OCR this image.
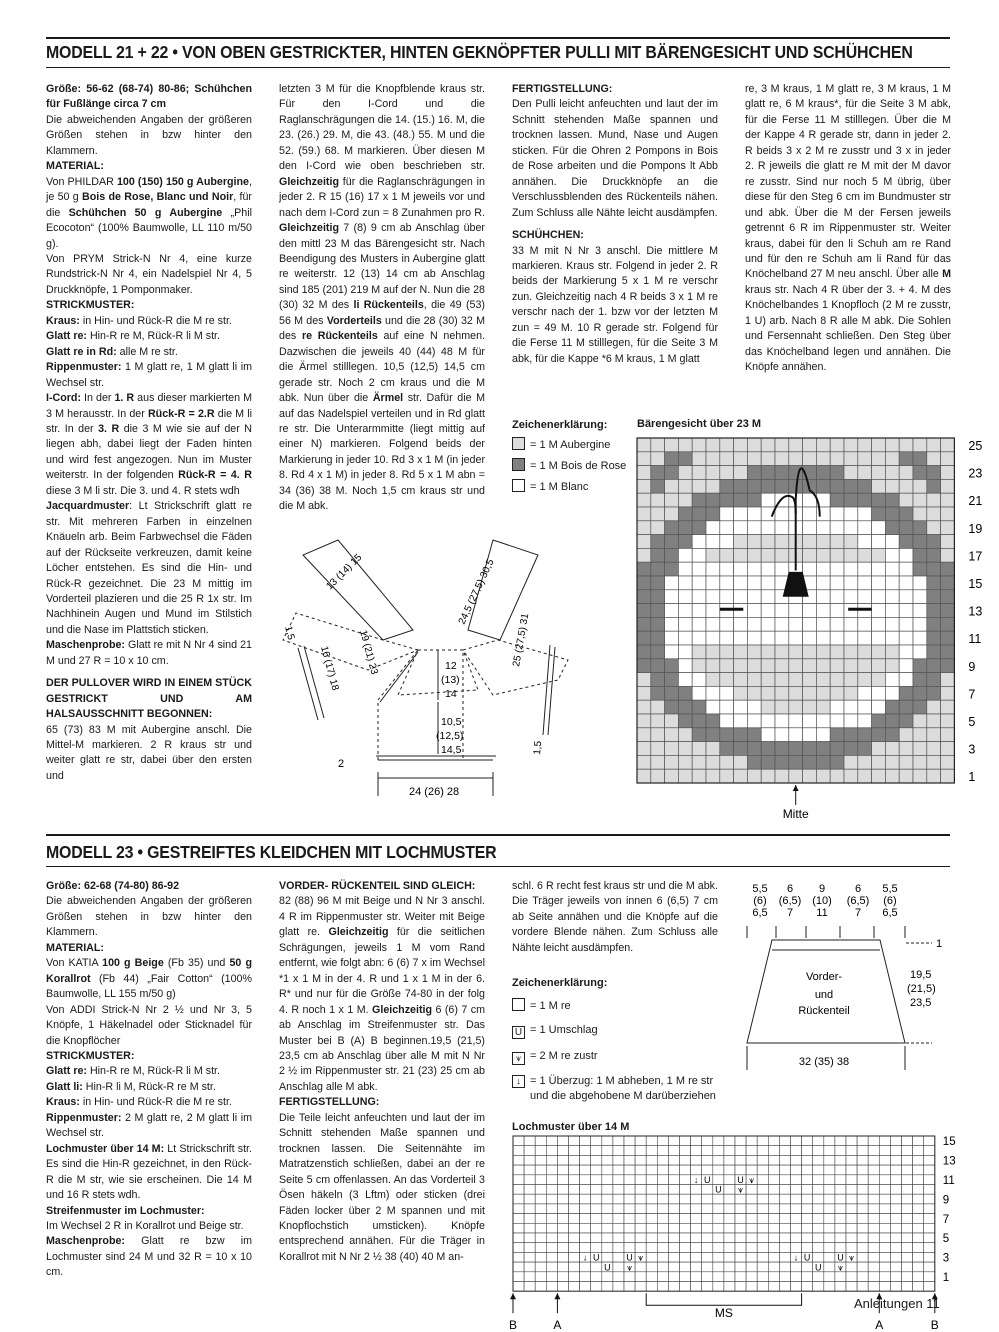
MODELL 21 + 22 • VON OBEN GESTRICKTER, HINTEN GEKNÖPFTER PULLI MIT BÄRENGESICHT UND SCHÜHCHEN

Größe: 56-62 (68-74) 80-86; Schühchen für Fußlänge circa 7 cm

Die abweichenden Angaben der größeren Größen stehen in bzw hinter den Klammern.

MATERIAL:

Von PHILDAR 100 (150) 150 g Aubergine, je 50 g Bois de Rose, Blanc und Noir, für die Schühchen 50 g Aubergine „Phil Ecocoton“ (100% Baumwolle, LL 110 m/50 g).

Von PRYM Strick-N Nr 4, eine kurze Rundstrick-N Nr 4, ein Nadelspiel Nr 4, 5 Druckknöpfe, 1 Pomponmaker.

STRICKMUSTER:

Kraus: in Hin- und Rück-R die M re str.

Glatt re: Hin-R re M, Rück-R li M str.

Glatt re in Rd: alle M re str.

Rippenmuster: 1 M glatt re, 1 M glatt li im Wechsel str.

I-Cord: In der 1. R aus dieser markierten M 3 M herausstr. In der Rück-R = 2.R die M li str. In der 3. R die 3 M wie sie auf der N liegen abh, dabei liegt der Faden hinten und wird fest angezogen. Nun im Muster weiterstr. In der folgenden Rück-R = 4. R diese 3 M li str. Die 3. und 4. R stets wdh

Jacquardmuster: Lt Strickschrift glatt re str. Mit mehreren Farben in einzelnen Knäueln arb. Beim Farbwechsel die Fäden auf der Rückseite verkreuzen, damit keine Löcher entstehen. Es sind die Hin- und Rück-R gezeichnet. Die 23 M mittig im Vorderteil plazieren und die 25 R 1x str. Im Nachhinein Augen und Mund im Stilstich und die Nase im Plattstich sticken.

Maschenprobe: Glatt re mit N Nr 4 sind 21 M und 27 R = 10 x 10 cm.

DER PULLOVER WIRD IN EINEM STÜCK GESTRICKT UND AM HALSAUSSCHNITT BEGONNEN:

65 (73) 83 M mit Aubergine anschl. Die Mittel-M markieren. 2 R kraus str und weiter glatt re str, dabei über den ersten und

letzten 3 M für die Knopfblende kraus str. Für den I-Cord und die Raglanschrägungen die 14. (15.) 16. M, die 23. (26.) 29. M, die 43. (48.) 55. M und die 52. (59.) 68. M markieren. Über diesen M den I-Cord wie oben beschrieben str. Gleichzeitig für die Raglanschrägungen in jeder 2. R 15 (16) 17 x 1 M jeweils vor und nach dem I-Cord zun = 8 Zunahmen pro R. Gleichzeitig 7 (8) 9 cm ab Anschlag über den mittl 23 M das Bärengesicht str. Nach Beendigung des Musters in Aubergine glatt re weiterstr. 12 (13) 14 cm ab Anschlag sind 185 (201) 219 M auf der N. Nun die 28 (30) 32 M des li Rückenteils, die 49 (53) 56 M des Vorderteils und die 28 (30) 32 M des re Rückenteils auf eine N nehmen. Dazwischen die jeweils 40 (44) 48 M für die Ärmel stilllegen. 10,5 (12,5) 14,5 cm gerade str. Noch 2 cm kraus und die M abk. Nun über die Ärmel str. Dafür die M auf das Nadelspiel verteilen und in Rd glatt re str. Die Unterarmmitte (liegt mittig auf einer N) markieren. Folgend beids der Markierung in jeder 10. Rd 3 x 1 M (in jeder 8. Rd 4 x 1 M) in jeder 8. Rd 5 x 1 M abn = 34 (36) 38 M. Noch 1,5 cm kraus str und die M abk.

FERTIGSTELLUNG:

Den Pulli leicht anfeuchten und laut der im Schnitt stehenden Maße spannen und trocknen lassen. Mund, Nase und Augen sticken. Für die Ohren 2 Pompons in Bois de Rose arbeiten und die Pompons lt Abb annähen. Die Druckknöpfe an die Verschlussblenden des Rückenteils nähen. Zum Schluss alle Nähte leicht ausdämpfen.

SCHÜHCHEN:

33 M mit N Nr 3 anschl. Die mittlere M markieren. Kraus str. Folgend in jeder 2. R beids der Markierung 5 x 1 M re verschr zun. Gleichzeitig nach 4 R beids 3 x 1 M re verschr nach der 1. bzw vor der letzten M zun = 49 M. 10 R gerade str. Folgend für die Ferse 11 M stilllegen, für die Seite 3 M abk, für die Kappe *6 M kraus, 1 M glatt

re, 3 M kraus, 1 M glatt re, 3 M kraus, 1 M glatt re, 6 M kraus*, für die Seite 3 M abk, für die Ferse 11 M stilllegen. Über die M der Kappe 4 R gerade str, dann in jeder 2. R beids 3 x 2 M re zusstr und 3 x in jeder 2. R jeweils die glatt re M mit der M davor re zusstr. Sind nur noch 5 M übrig, über diese für den Steg 6 cm im Bundmuster str und abk. Über die M der Fersen jeweils getrennt 6 R im Rippenmuster str. Weiter kraus, dabei für den li Schuh am re Rand und für den re Schuh am li Rand für das Knöchelband 27 M neu anschl. Über alle M kraus str. Nach 4 R über der 3. + 4. M des Knöchelbandes 1 Knopfloch (2 M re zusstr, 1 U) arb. Nach 8 R alle M abk. Die Sohlen und Fersennaht schließen. Den Steg über das Knöchelband legen und annähen. Die Knöpfe annähen.

Zeichenerklärung:
= 1 M Aubergine
= 1 M Bois de Rose
= 1 M Blanc
Bärengesicht über 23 M
25
23
21
19
17
15
13
11
9
7
5
3
1
Mitte
13 (14) 15
19 (21) 23
1,5
16 (17) 18
24,5 (27,5) 30,5
25 (27,5) 31
1,5
12
(13)
14
10,5
(12,5)
14,5
2
24 (26) 28
MODELL 23 • GESTREIFTES KLEIDCHEN MIT LOCHMUSTER

Größe: 62-68 (74-80) 86-92

Die abweichenden Angaben der größeren Größen stehen in bzw hinter den Klammern.

MATERIAL:

Von KATIA 100 g Beige (Fb 35) und 50 g Korallrot (Fb 44) „Fair Cotton“ (100% Baumwolle, LL 155 m/50 g)

Von ADDI Strick-N Nr 2 ½ und Nr 3, 5 Knöpfe, 1 Häkelnadel oder Sticknadel für die Knopflöcher

STRICKMUSTER:

Glatt re: Hin-R re M, Rück-R li M str.

Glatt li: Hin-R li M, Rück-R re M str.

Kraus: in Hin- und Rück-R die M re str.

Rippenmuster: 2 M glatt re, 2 M glatt li im Wechsel str.

Lochmuster über 14 M: Lt Strickschrift str. Es sind die Hin-R gezeichnet, in den Rück-R die M str, wie sie erscheinen. Die 14 M und 16 R stets wdh.

Streifenmuster im Lochmuster:

Im Wechsel 2 R in Korallrot und Beige str.

Maschenprobe: Glatt re bzw im Lochmuster sind 24 M und 32 R = 10 x 10 cm.

VORDER- RÜCKENTEIL SIND GLEICH:

82 (88) 96 M mit Beige und N Nr 3 anschl. 4 R im Rippenmuster str. Weiter mit Beige glatt re. Gleichzeitig für die seitlichen Schrägungen, jeweils 1 M vom Rand entfernt, wie folgt abn: 6 (6) 7 x im Wechsel *1 x 1 M in der 4. R und 1 x 1 M in der 6. R* und nur für die Größe 74-80 in der folg 4. R noch 1 x 1 M. Gleichzeitig 6 (6) 7 cm ab Anschlag im Streifenmuster str. Das Muster bei B (A) B beginnen.19,5 (21,5) 23,5 cm ab Anschlag über alle M mit N Nr 2 ½ im Rippenmuster str. 21 (23) 25 cm ab Anschlag alle M abk.

FERTIGSTELLUNG:

Die Teile leicht anfeuchten und laut der im Schnitt stehenden Maße spannen und trocknen lassen. Die Seitennähte im Matratzenstich schließen, dabei an der re Seite 5 cm offenlassen. An das Vorderteil 3 Ösen häkeln (3 Lftm) oder sticken (drei Fäden locker über 2 M spannen und mit Knopflochstich umsticken). Knöpfe entsprechend annähen. Für die Träger in Korallrot mit N Nr 2 ½ 38 (40) 40 M an-

schl. 6 R recht fest kraus str und die M abk. Die Träger jeweils von innen 6 (6,5) 7 cm ab Seite annähen und die Knöpfe auf die vordere Blende nähen. Zum Schluss alle Nähte leicht ausdämpfen.

Zeichenerklärung:
= 1 M re
U = 1 Umschlag
⩛ = 2 M re zustr
↓ = 1 Überzug: 1 M abheben, 1 M re str und die abgehobene M darüberziehen
5,5
(6)
6,5
6
(6,5)
7
9
(10)
11
6
(6,5)
7
5,5
(6)
6,5
Vorder-
und
Rückenteil
1
19,5
(21,5)
23,5
32 (35) 38
Lochmuster über 14 M
↓ U	U ⩛
U ⩛
↓ U	U ⩛	↓ U	U ⩛
U ⩛	U ⩛
15
13
11
9
7
5
3
1
B	A	A	B
MS
Anleitungen 11
